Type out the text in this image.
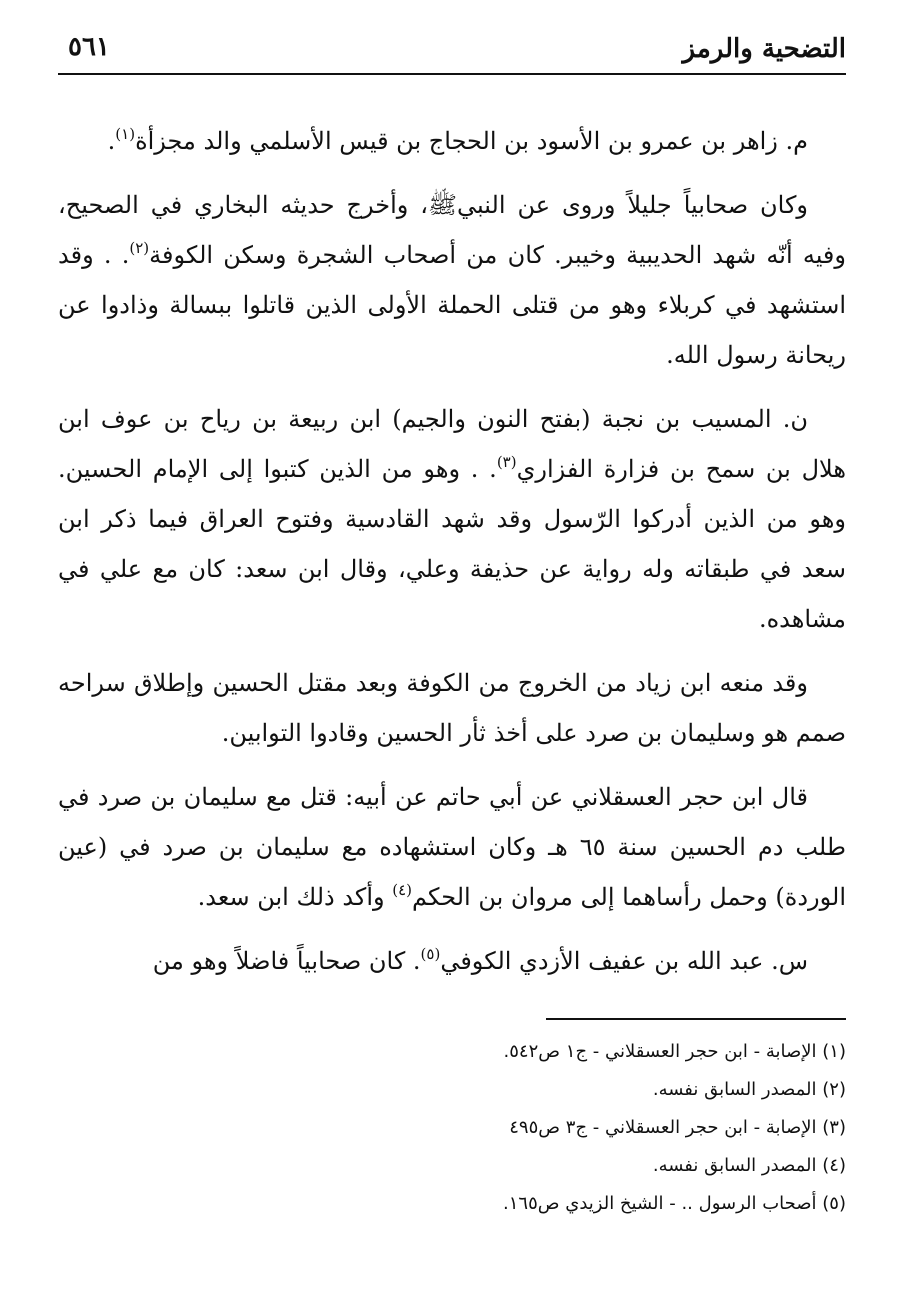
التضحية والرمز
٥٦١

م. زاهر بن عمرو بن الأسود بن الحجاج بن قيس الأسلمي والد مجزأة$^{(١)}$.

وكان صحابياً جليلاً وروى عن النبيﷺ، وأخرج حديثه البخاري في الصحيح، وفيه أنّه شهد الحديبية وخيبر. كان من أصحاب الشجرة وسكن الكوفة$^{(٢)}$. . وقد استشهد في كربلاء وهو من قتلى الحملة الأولى الذين قاتلوا ببسالة وذادوا عن ريحانة رسول الله.

ن. المسيب بن نجبة (بفتح النون والجيم) ابن ربيعة بن رياح بن عوف ابن هلال بن سمح بن فزارة الفزاري$^{(٣)}$. . وهو من الذين كتبوا إلى الإمام الحسين. وهو من الذين أدركوا الرّسول وقد شهد القادسية وفتوح العراق فيما ذكر ابن سعد في طبقاته وله رواية عن حذيفة وعلي، وقال ابن سعد: كان مع علي في مشاهده.

وقد منعه ابن زياد من الخروج من الكوفة وبعد مقتل الحسين وإطلاق سراحه صمم هو وسليمان بن صرد على أخذ ثأر الحسين وقادوا التوابين.

قال ابن حجر العسقلاني عن أبي حاتم عن أبيه: قتل مع سليمان بن صرد في طلب دم الحسين سنة ٦٥ هـ وكان استشهاده مع سليمان بن صرد في (عين الوردة) وحمل رأساهما إلى مروان بن الحكم$^{(٤)}$ وأكد ذلك ابن سعد.

س. عبد الله بن عفيف الأزدي الكوفي$^{(٥)}$. كان صحابياً فاضلاً وهو من

(١) الإصابة - ابن حجر العسقلاني - ج١ ص٥٤٢.

(٢) المصدر السابق نفسه.

(٣) الإصابة - ابن حجر العسقلاني - ج٣ ص٤٩٥

(٤) المصدر السابق نفسه.

(٥) أصحاب الرسول .. - الشيخ الزيدي ص١٦٥.
